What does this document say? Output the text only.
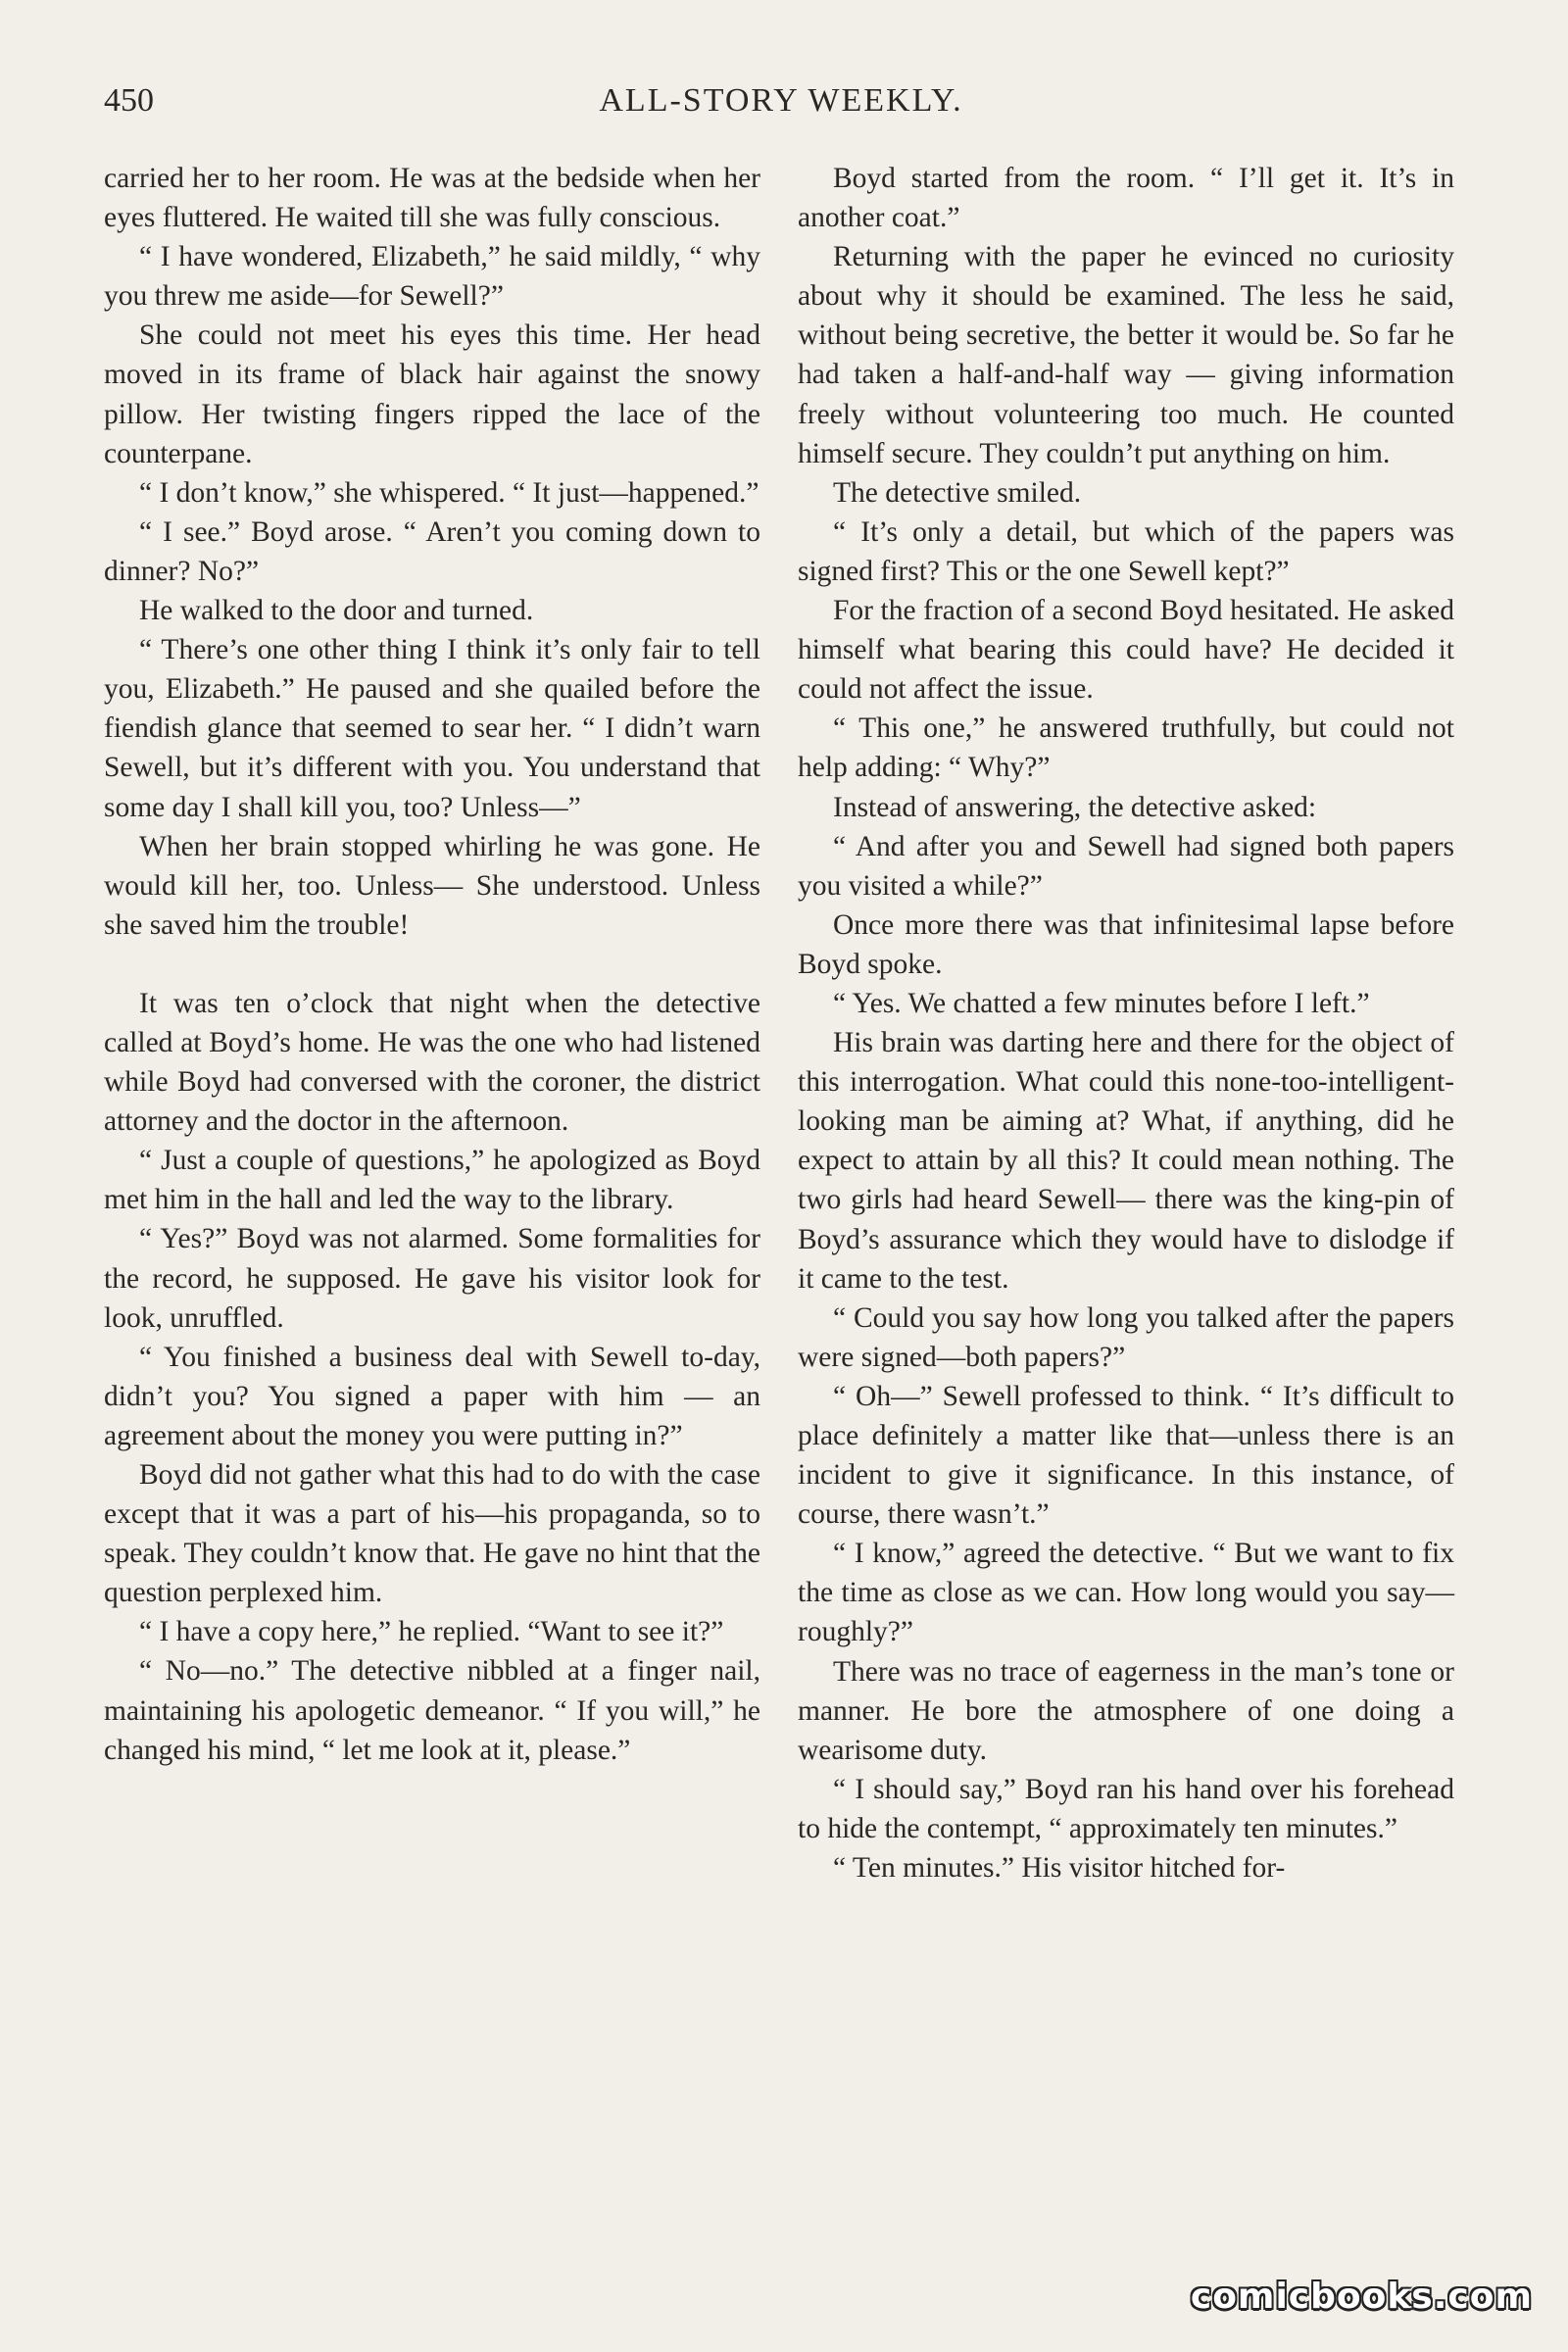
450	ALL-STORY WEEKLY.

carried her to her room. He was at the bedside when her eyes fluttered. He waited till she was fully conscious.

“ I have wondered, Elizabeth,” he said mildly, “ why you threw me aside—for Sewell?”

She could not meet his eyes this time. Her head moved in its frame of black hair against the snowy pillow. Her twisting fingers ripped the lace of the counterpane.

“ I don’t know,” she whispered. “ It just—happened.”

“ I see.” Boyd arose. “ Aren’t you coming down to dinner? No?”

He walked to the door and turned.

“ There’s one other thing I think it’s only fair to tell you, Elizabeth.” He paused and she quailed before the fiendish glance that seemed to sear her. “ I didn’t warn Sewell, but it’s different with you. You understand that some day I shall kill you, too? Unless—”

When her brain stopped whirling he was gone. He would kill her, too. Unless— She understood. Unless she saved him the trouble!

It was ten o’clock that night when the detective called at Boyd’s home. He was the one who had listened while Boyd had conversed with the coroner, the district attorney and the doctor in the afternoon.

“ Just a couple of questions,” he apologized as Boyd met him in the hall and led the way to the library.

“ Yes?” Boyd was not alarmed. Some formalities for the record, he supposed. He gave his visitor look for look, unruffled.

“ You finished a business deal with Sewell to-day, didn’t you? You signed a paper with him — an agreement about the money you were putting in?”

Boyd did not gather what this had to do with the case except that it was a part of his—his propaganda, so to speak. They couldn’t know that. He gave no hint that the question perplexed him.

“ I have a copy here,” he replied. “Want to see it?”

“ No—no.” The detective nibbled at a finger nail, maintaining his apologetic demeanor. “ If you will,” he changed his mind, “ let me look at it, please.”

Boyd started from the room. “ I’ll get it. It’s in another coat.”

Returning with the paper he evinced no curiosity about why it should be examined. The less he said, without being secretive, the better it would be. So far he had taken a half-and-half way — giving information freely without volunteering too much. He counted himself secure. They couldn’t put anything on him.

The detective smiled.

“ It’s only a detail, but which of the papers was signed first? This or the one Sewell kept?”

For the fraction of a second Boyd hesitated. He asked himself what bearing this could have? He decided it could not affect the issue.

“ This one,” he answered truthfully, but could not help adding: “ Why?”

Instead of answering, the detective asked:

“ And after you and Sewell had signed both papers you visited a while?”

Once more there was that infinitesimal lapse before Boyd spoke.

“ Yes. We chatted a few minutes before I left.”

His brain was darting here and there for the object of this interrogation. What could this none-too-intelligent-looking man be aiming at? What, if anything, did he expect to attain by all this? It could mean nothing. The two girls had heard Sewell— there was the king-pin of Boyd’s assurance which they would have to dislodge if it came to the test.

“ Could you say how long you talked after the papers were signed—both papers?”

“ Oh—” Sewell professed to think. “ It’s difficult to place definitely a matter like that—unless there is an incident to give it significance. In this instance, of course, there wasn’t.”

“ I know,” agreed the detective. “ But we want to fix the time as close as we can. How long would you say—roughly?”

There was no trace of eagerness in the man’s tone or manner. He bore the atmosphere of one doing a wearisome duty.

“ I should say,” Boyd ran his hand over his forehead to hide the contempt, “ approximately ten minutes.”

“ Ten minutes.” His visitor hitched for-

comicbooks.com
